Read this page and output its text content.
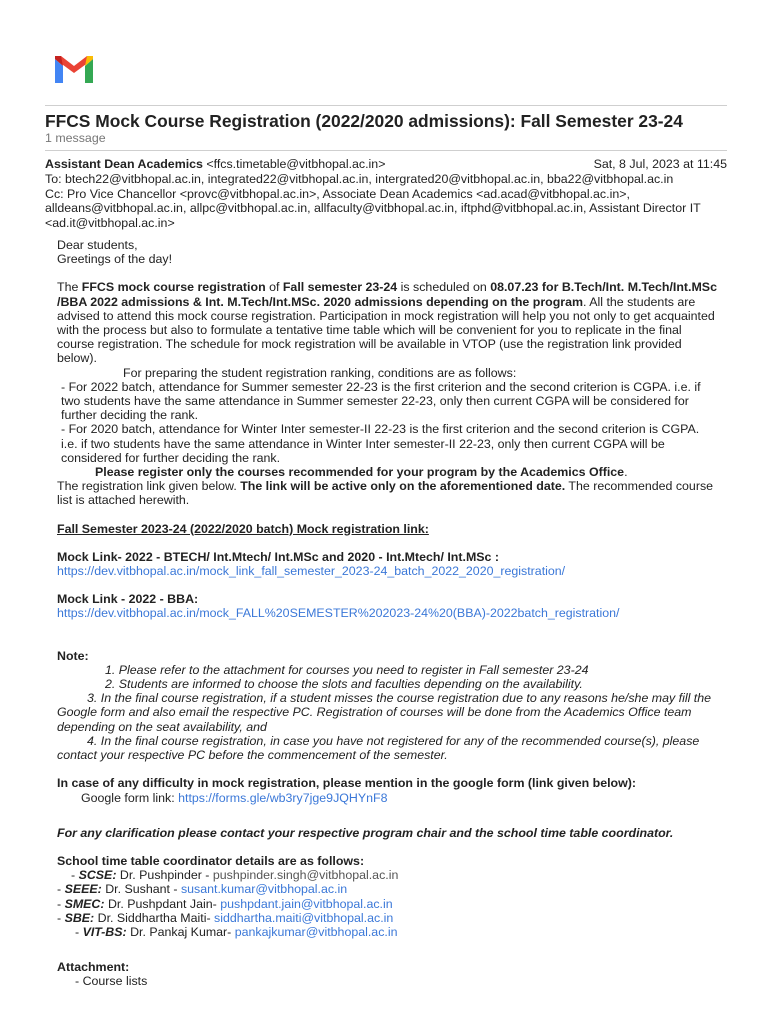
FFCS Mock Course Registration (2022/2020 admissions): Fall Semester 23-24
1 message
Assistant Dean Academics <ffcs.timetable@vitbhopal.ac.in>	Sat, 8 Jul, 2023 at 11:45

To: btech22@vitbhopal.ac.in, integrated22@vitbhopal.ac.in, intergrated20@vitbhopal.ac.in, bba22@vitbhopal.ac.in

Cc: Pro Vice Chancellor <provc@vitbhopal.ac.in>, Associate Dean Academics <ad.acad@vitbhopal.ac.in>,

alldeans@vitbhopal.ac.in, allpc@vitbhopal.ac.in, allfaculty@vitbhopal.ac.in, iftphd@vitbhopal.ac.in, Assistant Director IT

<ad.it@vitbhopal.ac.in>

Dear students,

Greetings of the day!

The FFCS mock course registration of Fall semester 23-24 is scheduled on 08.07.23 for B.Tech/Int. M.Tech/Int.MSc /BBA 2022 admissions & Int. M.Tech/Int.MSc. 2020 admissions depending on the program. All the students are advised to attend this mock course registration. Participation in mock registration will help you not only to get acquainted with the process but also to formulate a tentative time table which will be convenient for you to replicate in the final course registration. The schedule for mock registration will be available in VTOP (use the registration link provided below).

For preparing the student registration ranking, conditions are as follows:

- For 2022 batch, attendance for Summer semester 22-23 is the first criterion and the second criterion is CGPA. i.e. if two students have the same attendance in Summer semester 22-23, only then current CGPA will be considered for further deciding the rank.

- For 2020 batch, attendance for Winter Inter semester-II 22-23 is the first criterion and the second criterion is CGPA. i.e. if two students have the same attendance in Winter Inter semester-II 22-23, only then current CGPA will be considered for further deciding the rank.

Please register only the courses recommended for your program by the Academics Office.

The registration link given below. The link will be active only on the aforementioned date. The recommended course list is attached herewith.

Fall Semester 2023-24 (2022/2020 batch) Mock registration link:

Mock Link- 2022 - BTECH/ Int.Mtech/ Int.MSc and 2020 - Int.Mtech/ Int.MSc :

https://dev.vitbhopal.ac.in/mock_link_fall_semester_2023-24_batch_2022_2020_registration/

Mock Link - 2022 - BBA:

https://dev.vitbhopal.ac.in/mock_FALL%20SEMESTER%202023-24%20(BBA)-2022batch_registration/

Note:

1. Please refer to the attachment for courses you need to register in Fall semester 23-24

2. Students are informed to choose the slots and faculties depending on the availability.

3. In the final course registration, if a student misses the course registration due to any reasons he/she may fill the Google form and also email the respective PC. Registration of courses will be done from the Academics Office team depending on the seat availability, and

4. In the final course registration, in case you have not registered for any of the recommended course(s), please contact your respective PC before the commencement of the semester.

In case of any difficulty in mock registration, please mention in the google form (link given below):

Google form link: https://forms.gle/wb3ry7jge9JQHYnF8

For any clarification please contact your respective program chair and the school time table coordinator.

School time table coordinator details are as follows:

- SCSE: Dr. Pushpinder - pushpinder.singh@vitbhopal.ac.in

- SEEE: Dr. Sushant - susant.kumar@vitbhopal.ac.in

- SMEC: Dr. Pushpdant Jain- pushpdant.jain@vitbhopal.ac.in

- SBE: Dr. Siddhartha Maiti- siddhartha.maiti@vitbhopal.ac.in

- VIT-BS: Dr. Pankaj Kumar- pankajkumar@vitbhopal.ac.in

Attachment:

- Course lists
